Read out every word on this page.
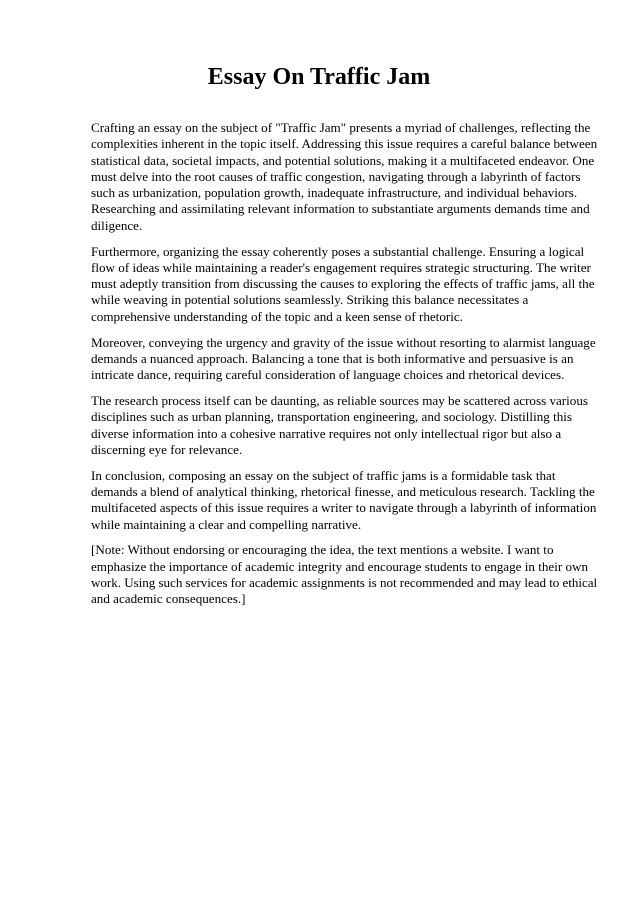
Essay On Traffic Jam

Crafting an essay on the subject of "Traffic Jam" presents a myriad of challenges, reflecting the
complexities inherent in the topic itself. Addressing this issue requires a careful balance between
statistical data, societal impacts, and potential solutions, making it a multifaceted endeavor. One
must delve into the root causes of traffic congestion, navigating through a labyrinth of factors
such as urbanization, population growth, inadequate infrastructure, and individual behaviors.
Researching and assimilating relevant information to substantiate arguments demands time and
diligence.

Furthermore, organizing the essay coherently poses a substantial challenge. Ensuring a logical
flow of ideas while maintaining a reader's engagement requires strategic structuring. The writer
must adeptly transition from discussing the causes to exploring the effects of traffic jams, all the
while weaving in potential solutions seamlessly. Striking this balance necessitates a
comprehensive understanding of the topic and a keen sense of rhetoric.

Moreover, conveying the urgency and gravity of the issue without resorting to alarmist language
demands a nuanced approach. Balancing a tone that is both informative and persuasive is an
intricate dance, requiring careful consideration of language choices and rhetorical devices.

The research process itself can be daunting, as reliable sources may be scattered across various
disciplines such as urban planning, transportation engineering, and sociology. Distilling this
diverse information into a cohesive narrative requires not only intellectual rigor but also a
discerning eye for relevance.

In conclusion, composing an essay on the subject of traffic jams is a formidable task that
demands a blend of analytical thinking, rhetorical finesse, and meticulous research. Tackling the
multifaceted aspects of this issue requires a writer to navigate through a labyrinth of information
while maintaining a clear and compelling narrative.

[Note: Without endorsing or encouraging the idea, the text mentions a website. I want to
emphasize the importance of academic integrity and encourage students to engage in their own
work. Using such services for academic assignments is not recommended and may lead to ethical
and academic consequences.]
